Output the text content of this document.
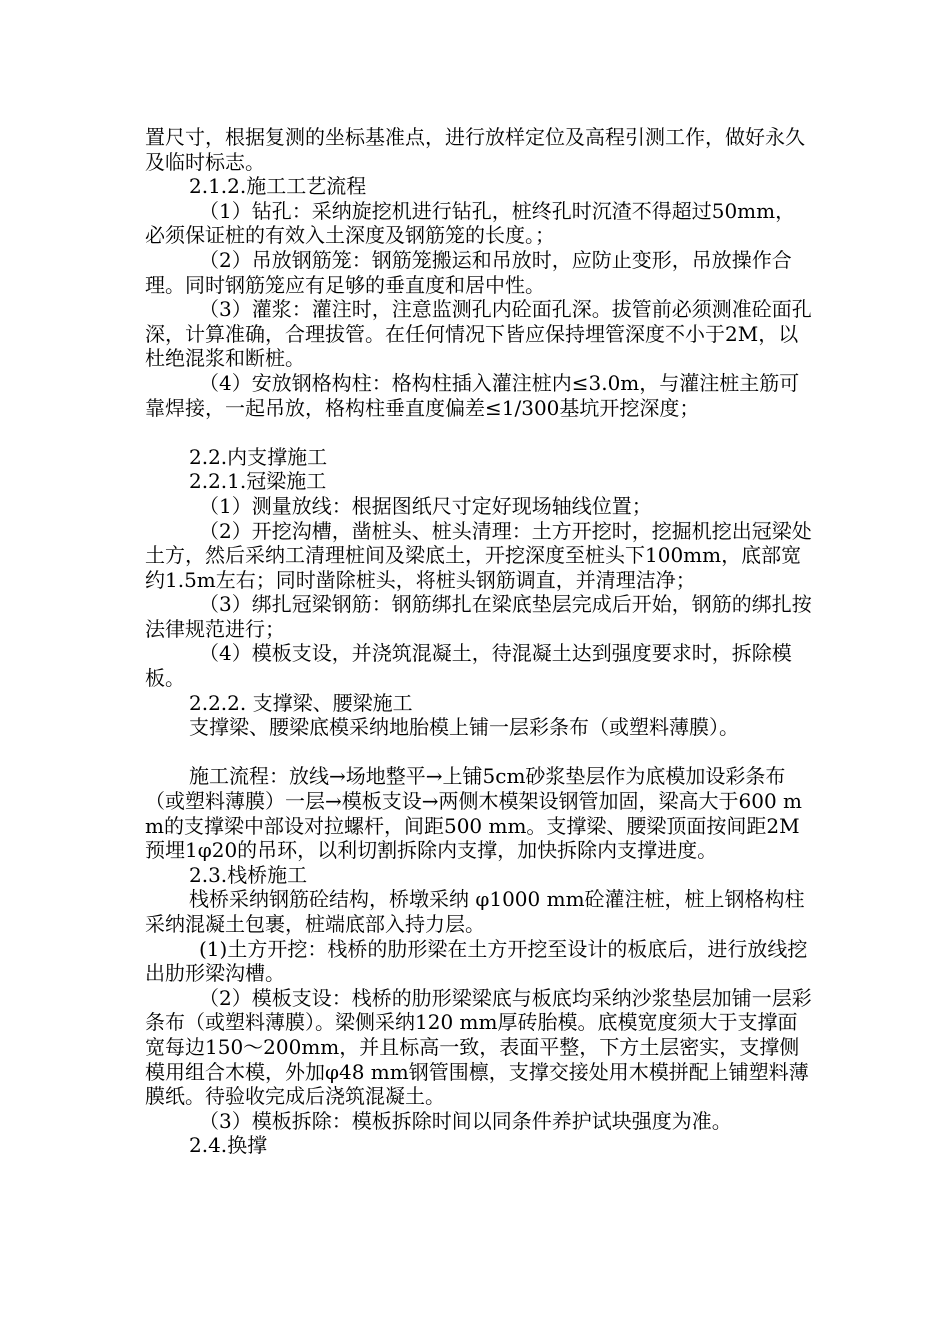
置尺寸，根据复测的坐标基准点，进行放样定位及高程引测工作，做好永久及临时标志。

2.1.2.施工工艺流程

（1）钻孔：采纳旋挖机进行钻孔，桩终孔时沉渣不得超过50mm，必须保证桩的有效入土深度及钢筋笼的长度。；

（2）吊放钢筋笼：钢筋笼搬运和吊放时，应防止变形，吊放操作合理。同时钢筋笼应有足够的垂直度和居中性。

（3）灌浆：灌注时，注意监测孔内砼面孔深。拔管前必须测准砼面孔深，计算准确，合理拔管。在任何情况下皆应保持埋管深度不小于2M，以杜绝混浆和断桩。

（4）安放钢格构柱：格构柱插入灌注桩内≤3.0m，与灌注桩主筋可靠焊接，一起吊放，格构柱垂直度偏差≤1/300基坑开挖深度；

2.2.内支撑施工

2.2.1.冠梁施工

（1）测量放线：根据图纸尺寸定好现场轴线位置；

（2）开挖沟槽，凿桩头、桩头清理：土方开挖时，挖掘机挖出冠梁处土方，然后采纳工清理桩间及梁底土，开挖深度至桩头下100mm，底部宽约1.5m左右；同时凿除桩头，将桩头钢筋调直，并清理洁净；

（3）绑扎冠梁钢筋：钢筋绑扎在梁底垫层完成后开始，钢筋的绑扎按法律规范进行；

（4）模板支设，并浇筑混凝土，待混凝土达到强度要求时，拆除模板。

2.2.2. 支撑梁、腰梁施工

支撑梁、腰梁底模采纳地胎模上铺一层彩条布（或塑料薄膜）。

施工流程：放线→场地整平→上铺5cm砂浆垫层作为底模加设彩条布（或塑料薄膜）一层→模板支设→两侧木模架设钢管加固，梁高大于600 mm的支撑梁中部设对拉螺杆，间距500 mm。支撑梁、腰梁顶面按间距2M预埋1φ20的吊环，以利切割拆除内支撑，加快拆除内支撑进度。

2.3.栈桥施工

栈桥采纳钢筋砼结构，桥墩采纳 φ1000 mm砼灌注桩，桩上钢格构柱采纳混凝土包裹，桩端底部入持力层。

(1)土方开挖：栈桥的肋形梁在土方开挖至设计的板底后，进行放线挖出肋形梁沟槽。

（2）模板支设：栈桥的肋形梁梁底与板底均采纳沙浆垫层加铺一层彩条布（或塑料薄膜）。梁侧采纳120 mm厚砖胎模。底模宽度须大于支撑面宽每边150～200mm，并且标高一致，表面平整，下方土层密实，支撑侧模用组合木模，外加φ48 mm钢管围檩，支撑交接处用木模拼配上铺塑料薄膜纸。待验收完成后浇筑混凝土。

（3）模板拆除：模板拆除时间以同条件养护试块强度为准。

2.4.换撑
